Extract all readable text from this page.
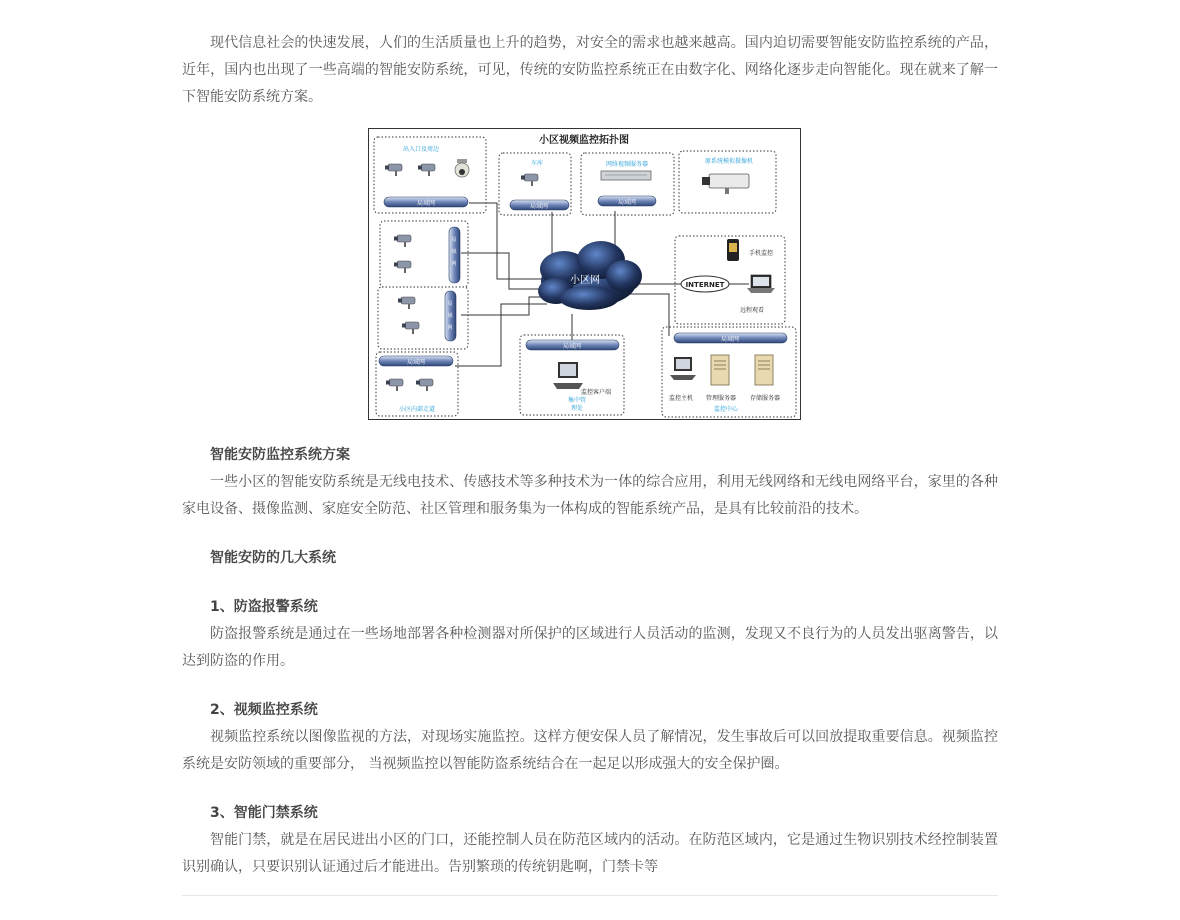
现代信息社会的快速发展，人们的生活质量也上升的趋势，对安全的需求也越来越高。国内迫切需要智能安防监控系统的产品，近年，国内也出现了一些高端的智能安防系统，可见，传统的安防监控系统正在由数字化、网络化逐步走向智能化。现在就来了解一下智能安防系统方案。

小区视频监控拓扑图
小区网
出入口及周边
局域网
车库
局域网
网络视频服务器
局域网
原系统模拟摄像机
局
域
网
局
域
网
局域网
小区内部走道
手机监控
INTERNET
远程观看
局域网
监控客户端
集中管
理处
局域网
监控主机 管理服务器 存储服务器
监控中心

智能安防监控系统方案

一些小区的智能安防系统是无线电技术、传感技术等多种技术为一体的综合应用，利用无线网络和无线电网络平台，家里的各种家电设备、摄像监测、家庭安全防范、社区管理和服务集为一体构成的智能系统产品，是具有比较前沿的技术。

智能安防的几大系统

1、防盗报警系统

防盗报警系统是通过在一些场地部署各种检测器对所保护的区域进行人员活动的监测，发现又不良行为的人员发出驱离警告，以达到防盗的作用。

2、视频监控系统

视频监控系统以图像监视的方法，对现场实施监控。这样方便安保人员了解情况，发生事故后可以回放提取重要信息。视频监控系统是安防领域的重要部分， 当视频监控以智能防盗系统结合在一起足以形成强大的安全保护圈。

3、智能门禁系统

智能门禁，就是在居民进出小区的门口，还能控制人员在防范区域内的活动。在防范区域内，它是通过生物识别技术经控制装置识别确认，只要识别认证通过后才能进出。告别繁琐的传统钥匙啊，门禁卡等
